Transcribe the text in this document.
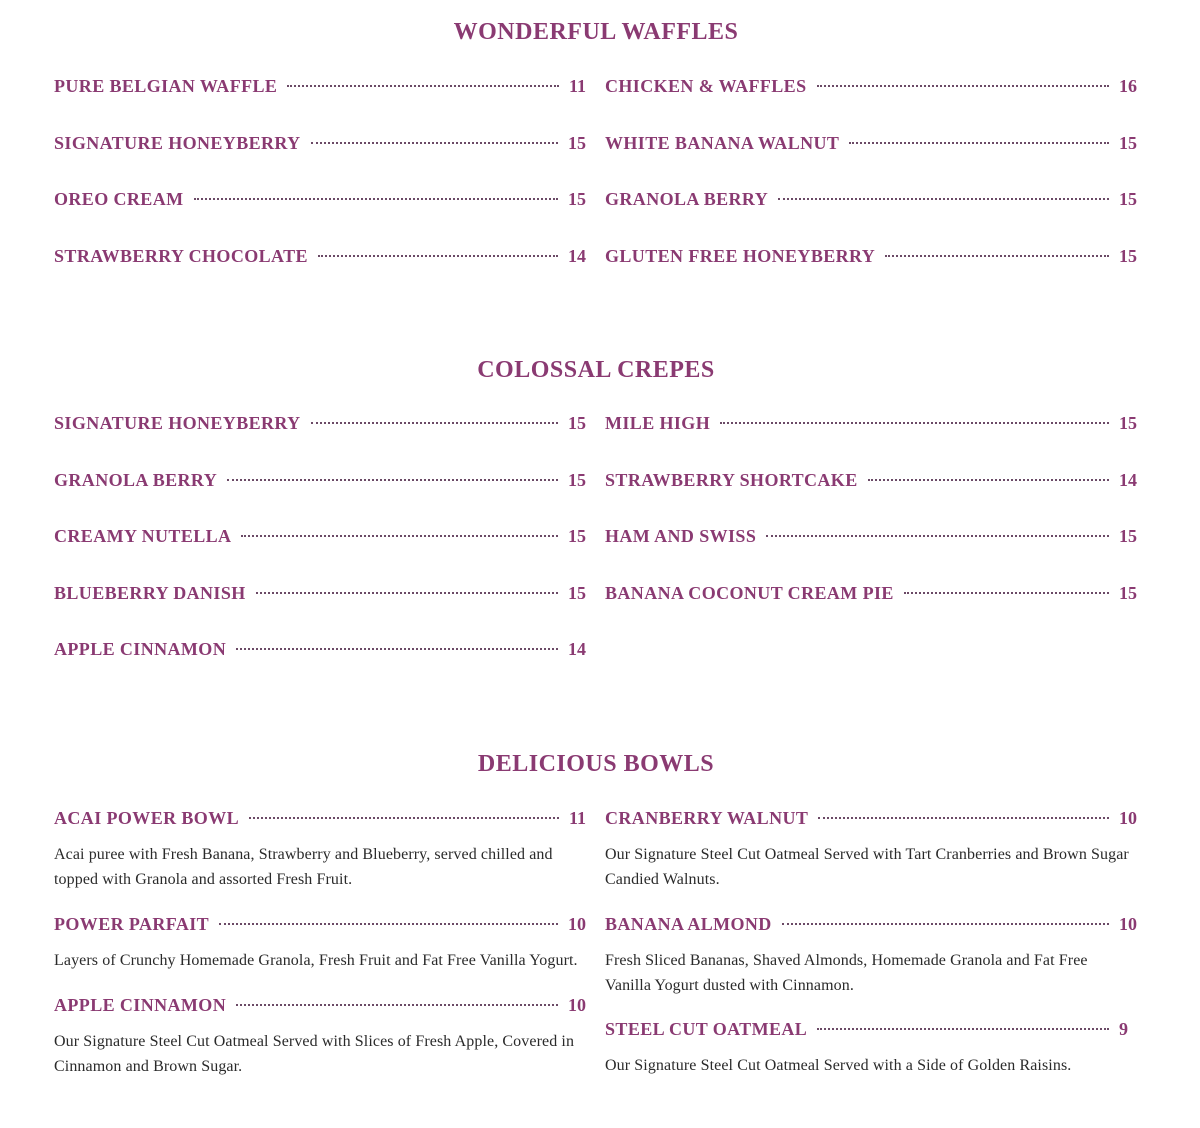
WONDERFUL WAFFLES
PURE BELGIAN WAFFLE	11
SIGNATURE HONEYBERRY	15
OREO CREAM	15
STRAWBERRY CHOCOLATE	14
CHICKEN & WAFFLES	16
WHITE BANANA WALNUT	15
GRANOLA BERRY	15
GLUTEN FREE HONEYBERRY	15
COLOSSAL CREPES
SIGNATURE HONEYBERRY	15
GRANOLA BERRY	15
CREAMY NUTELLA	15
BLUEBERRY DANISH	15
APPLE CINNAMON	14
MILE HIGH	15
STRAWBERRY SHORTCAKE	14
HAM AND SWISS	15
BANANA COCONUT CREAM PIE	15
DELICIOUS BOWLS
ACAI POWER BOWL	11
Acai puree with Fresh Banana, Strawberry and Blueberry, served chilled and topped with Granola and assorted Fresh Fruit.
POWER PARFAIT	10
Layers of Crunchy Homemade Granola, Fresh Fruit and Fat Free Vanilla Yogurt.
APPLE CINNAMON	10
Our Signature Steel Cut Oatmeal Served with Slices of Fresh Apple, Covered in Cinnamon and Brown Sugar.
CRANBERRY WALNUT	10
Our Signature Steel Cut Oatmeal Served with Tart Cranberries and Brown Sugar Candied Walnuts.
BANANA ALMOND	10
Fresh Sliced Bananas, Shaved Almonds, Homemade Granola and Fat Free Vanilla Yogurt dusted with Cinnamon.
STEEL CUT OATMEAL	9
Our Signature Steel Cut Oatmeal Served with a Side of Golden Raisins.
